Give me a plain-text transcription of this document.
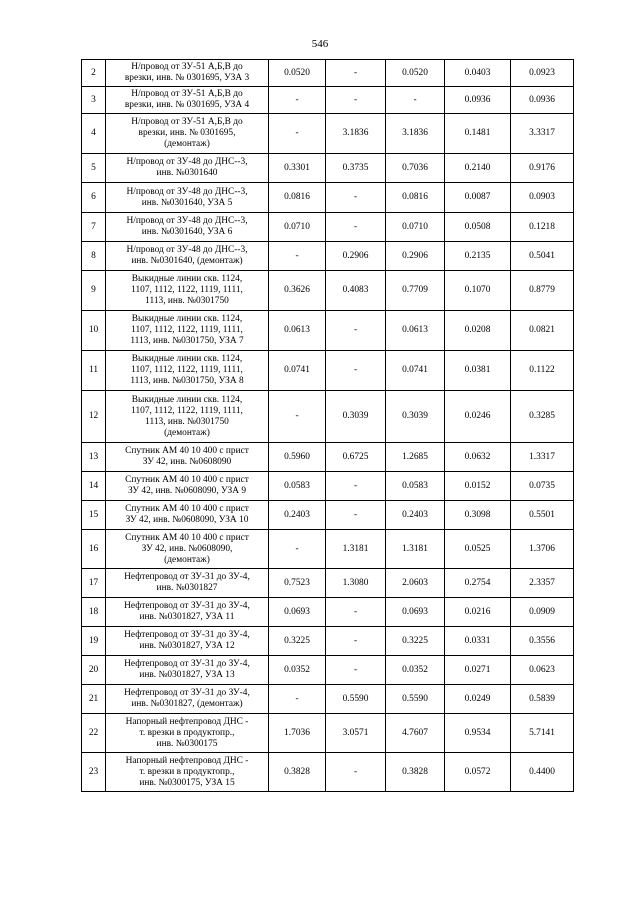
546
2	Н/провод от ЗУ-51 А,Б,В до
врезки, инв. № 0301695, УЗА 3	0.0520	-	0.0520	0.0403	0.0923
3	Н/провод от ЗУ-51 А,Б,В до
врезки, инв. № 0301695, УЗА 4	-	-	-	0.0936	0.0936
4	Н/провод от ЗУ-51 А,Б,В до
врезки, инв. № 0301695,
(демонтаж)	-	3.1836	3.1836	0.1481	3.3317
5	Н/провод от ЗУ-48 до ДНС--3,
инв. №0301640	0.3301	0.3735	0.7036	0.2140	0.9176
6	Н/провод от ЗУ-48 до ДНС--3,
инв. №0301640, УЗА 5	0.0816	-	0.0816	0.0087	0.0903
7	Н/провод от ЗУ-48 до ДНС--3,
инв. №0301640, УЗА 6	0.0710	-	0.0710	0.0508	0.1218
8	Н/провод от ЗУ-48 до ДНС--3,
инв. №0301640, (демонтаж)	-	0.2906	0.2906	0.2135	0.5041
9	Выкидные линии скв. 1124,
1107, 1112, 1122, 1119, 1111,
1113, инв. №0301750	0.3626	0.4083	0.7709	0.1070	0.8779
10	Выкидные линии скв. 1124,
1107, 1112, 1122, 1119, 1111,
1113, инв. №0301750, УЗА 7	0.0613	-	0.0613	0.0208	0.0821
11	Выкидные линии скв. 1124,
1107, 1112, 1122, 1119, 1111,
1113, инв. №0301750, УЗА 8	0.0741	-	0.0741	0.0381	0.1122
12	Выкидные линии скв. 1124,
1107, 1112, 1122, 1119, 1111,
1113, инв. №0301750
(демонтаж)	-	0.3039	0.3039	0.0246	0.3285
13	Спутник АМ 40 10 400 с прист
ЗУ 42, инв. №0608090	0.5960	0.6725	1.2685	0.0632	1.3317
14	Спутник АМ 40 10 400 с прист
ЗУ 42, инв. №0608090, УЗА 9	0.0583	-	0.0583	0.0152	0.0735
15	Спутник АМ 40 10 400 с прист
ЗУ 42, инв. №0608090, УЗА 10	0.2403	-	0.2403	0.3098	0.5501
16	Спутник АМ 40 10 400 с прист
ЗУ 42, инв. №0608090,
(демонтаж)	-	1.3181	1.3181	0.0525	1.3706
17	Нефтепровод от ЗУ-31 до ЗУ-4,
инв. №0301827	0.7523	1.3080	2.0603	0.2754	2.3357
18	Нефтепровод от ЗУ-31 до ЗУ-4,
инв. №0301827, УЗА 11	0.0693	-	0.0693	0.0216	0.0909
19	Нефтепровод от ЗУ-31 до ЗУ-4,
инв. №0301827, УЗА 12	0.3225	-	0.3225	0.0331	0.3556
20	Нефтепровод от ЗУ-31 до ЗУ-4,
инв. №0301827, УЗА 13	0.0352	-	0.0352	0.0271	0.0623
21	Нефтепровод от ЗУ-31 до ЗУ-4,
инв. №0301827, (демонтаж)	-	0.5590	0.5590	0.0249	0.5839
22	Напорный нефтепровод ДНС -
т. врезки в продуктопр.,
инв. №0300175	1.7036	3.0571	4.7607	0.9534	5.7141
23	Напорный нефтепровод ДНС -
т. врезки в продуктопр.,
инв. №0300175, УЗА 15	0.3828	-	0.3828	0.0572	0.4400
